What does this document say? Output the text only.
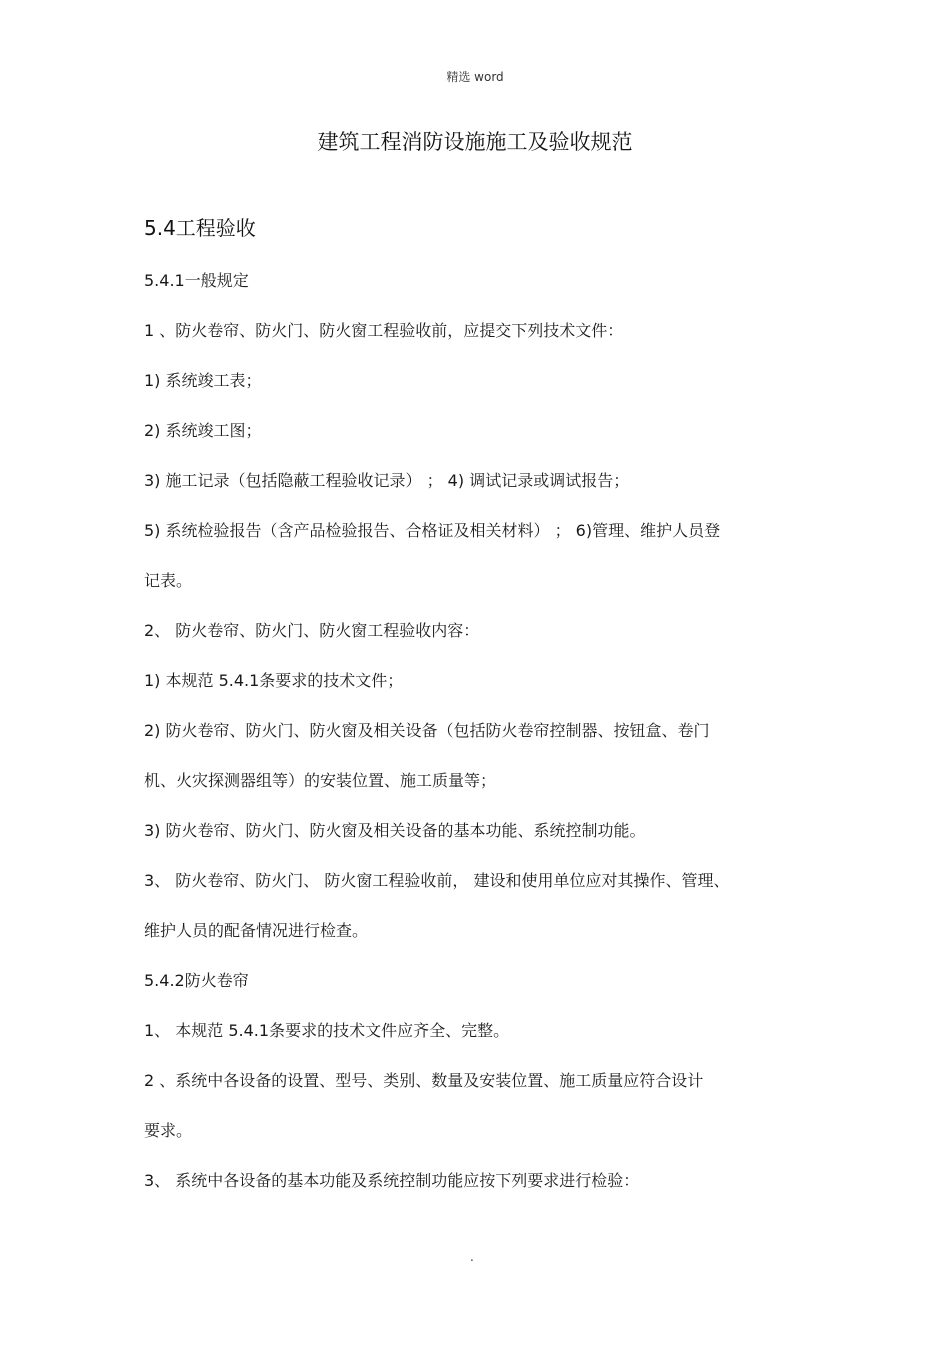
精选 word
建筑工程消防设施施工及验收规范
5.4工程验收
5.4.1一般规定
1 、防火卷帘、防火门、防火窗工程验收前，应提交下列技术文件：
1) 系统竣工表；
2) 系统竣工图；
3) 施工记录（包括隐蔽工程验收记录） ； 4) 调试记录或调试报告；
5) 系统检验报告（含产品检验报告、合格证及相关材料） ； 6)管理、维护人员登
记表。
2、 防火卷帘、防火门、防火窗工程验收内容：
1) 本规范 5.4.1条要求的技术文件；
2) 防火卷帘、防火门、防火窗及相关设备（包括防火卷帘控制器、按钮盒、卷门
机、火灾探测器组等）的安装位置、施工质量等；
3) 防火卷帘、防火门、防火窗及相关设备的基本功能、系统控制功能。
3、 防火卷帘、防火门、 防火窗工程验收前， 建设和使用单位应对其操作、管理、
维护人员的配备情况进行检查。
5.4.2防火卷帘
1、 本规范 5.4.1条要求的技术文件应齐全、完整。
2 、系统中各设备的设置、型号、类别、数量及安装位置、施工质量应符合设计
要求。
3、 系统中各设备的基本功能及系统控制功能应按下列要求进行检验：
.
